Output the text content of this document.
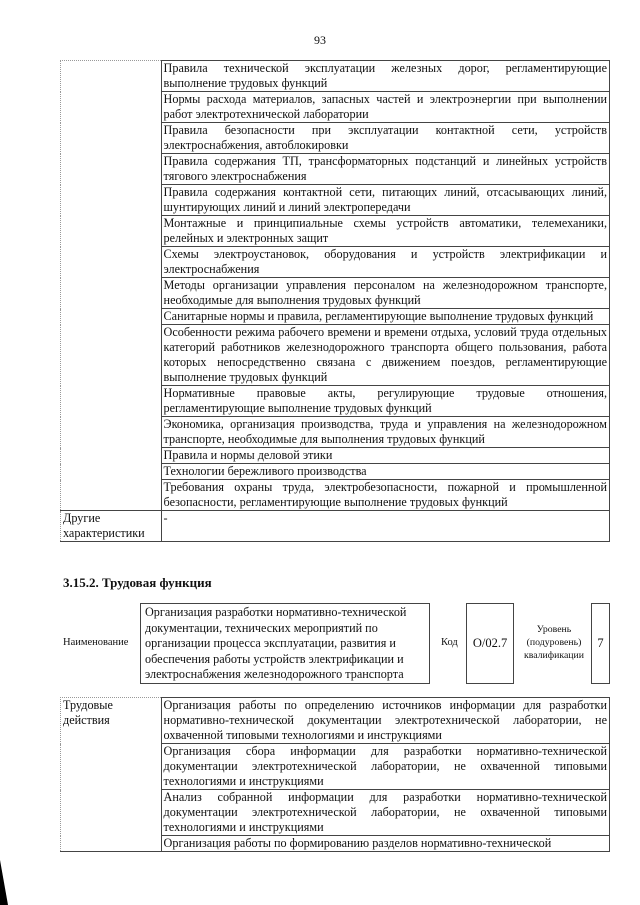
93
	Правила технической эксплуатации железных дорог, регламентирующие выполнение трудовых функций
	Нормы расхода материалов, запасных частей и электроэнергии при выполнении работ электротехнической лаборатории
	Правила безопасности при эксплуатации контактной сети, устройств электроснабжения, автоблокировки
	Правила содержания ТП, трансформаторных подстанций и линейных устройств тягового электроснабжения
	Правила содержания контактной сети, питающих линий, отсасывающих линий, шунтирующих линий и линий электропередачи
	Монтажные и принципиальные схемы устройств автоматики, телемеханики, релейных и электронных защит
	Схемы электроустановок, оборудования и устройств электрификации и электроснабжения
	Методы организации управления персоналом на железнодорожном транспорте, необходимые для выполнения трудовых функций
	Санитарные нормы и правила, регламентирующие выполнение трудовых функций
	Особенности режима рабочего времени и времени отдыха, условий труда отдельных категорий работников железнодорожного транспорта общего пользования, работа которых непосредственно связана с движением поездов, регламентирующие выполнение трудовых функций
	Нормативные правовые акты, регулирующие трудовые отношения, регламентирующие выполнение трудовых функций
	Экономика, организация производства, труда и управления на железнодорожном транспорте, необходимые для выполнения трудовых функций
	Правила и нормы деловой этики
	Технологии бережливого производства
	Требования охраны труда, электробезопасности, пожарной и промышленной безопасности, регламентирующие выполнение трудовых функций
Другие характеристики	-
3.15.2. Трудовая функция
Наименование
Организация разработки нормативно-технической документации, технических мероприятий по организации процесса эксплуатации, развития и обеспечения работы устройств электрификации и электроснабжения железнодорожного транспорта
Код	О/02.7
Уровень (подуровень) квалификации
7
Трудовые действия	Организация работы по определению источников информации для разработки нормативно-технической документации электротехнической лаборатории, не охваченной типовыми технологиями и инструкциями
Организация сбора информации для разработки нормативно-технической документации электротехнической лаборатории, не охваченной типовыми технологиями и инструкциями
Анализ собранной информации для разработки нормативно-технической документации электротехнической лаборатории, не охваченной типовыми технологиями и инструкциями
Организация работы по формированию разделов нормативно-технической
